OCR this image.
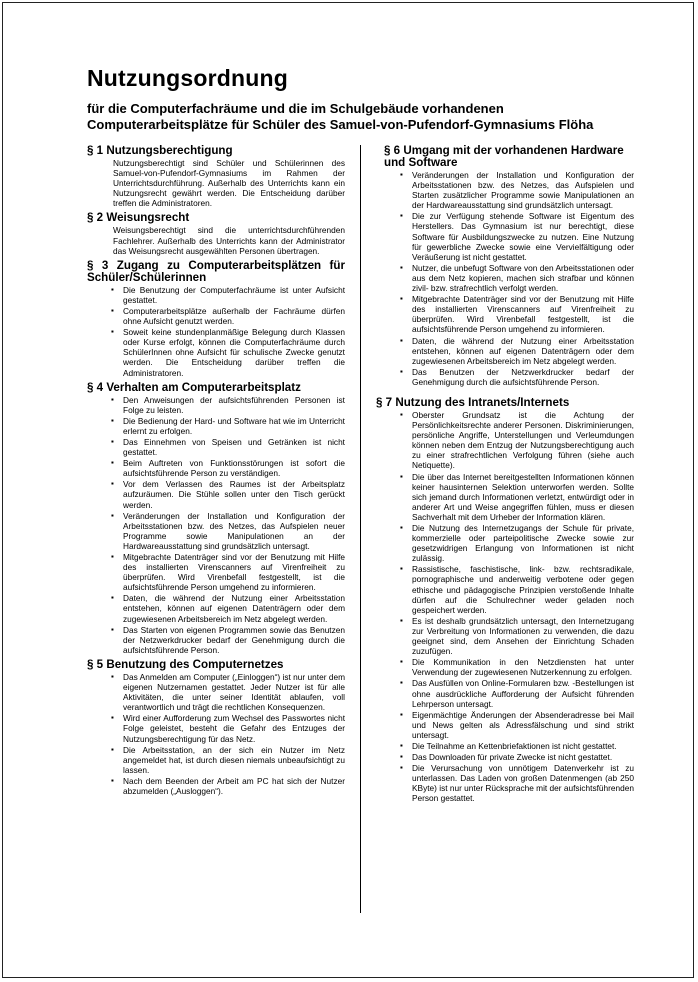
Nutzungsordnung
für die Computerfachräume und die im Schulgebäude vorhandenen Computerarbeitsplätze für Schüler des Samuel-von-Pufendorf-Gymnasiums Flöha
§ 1 Nutzungsberechtigung

Nutzungsberechtigt sind Schüler und Schülerinnen des Samuel-von-Pufendorf-Gymnasiums im Rahmen der Unterrichtsdurchführung. Außerhalb des Unterrichts kann ein Nutzungsrecht gewährt werden. Die Entscheidung darüber treffen die Administratoren.

§ 2 Weisungsrecht

Weisungsberechtigt sind die unterrichtsdurchführenden Fachlehrer. Außerhalb des Unterrichts kann der Administrator das Weisungsrecht ausgewählten Personen übertragen.

§ 3 Zugang zu Computerarbeitsplätzen für Schüler/Schülerinnen
▪ Die Benutzung der Computerfachräume ist unter Aufsicht gestattet.
▪ Computerarbeitsplätze außerhalb der Fachräume dürfen ohne Aufsicht genutzt werden.
▪ Soweit keine stundenplanmäßige Belegung durch Klassen oder Kurse erfolgt, können die Computerfachräume durch SchülerInnen ohne Aufsicht für schulische Zwecke genutzt werden. Die Entscheidung darüber treffen die Administratoren.
§ 4 Verhalten am Computerarbeitsplatz
▪ Den Anweisungen der aufsichtsführenden Personen ist Folge zu leisten.
▪ Die Bedienung der Hard- und Software hat wie im Unterricht erlernt zu erfolgen.
▪ Das Einnehmen von Speisen und Getränken ist nicht gestattet.
▪ Beim Auftreten von Funktionsstörungen ist sofort die aufsichtsführende Person zu verständigen.
▪ Vor dem Verlassen des Raumes ist der Arbeitsplatz aufzuräumen. Die Stühle sollen unter den Tisch gerückt werden.
▪ Veränderungen der Installation und Konfiguration der Arbeitsstationen bzw. des Netzes, das Aufspielen neuer Programme sowie Manipulationen an der Hardwareausstattung sind grundsätzlich untersagt.
▪ Mitgebrachte Datenträger sind vor der Benutzung mit Hilfe des installierten Virenscanners auf Virenfreiheit zu überprüfen. Wird Virenbefall festgestellt, ist die aufsichtsführende Person umgehend zu informieren.
▪ Daten, die während der Nutzung einer Arbeitsstation entstehen, können auf eigenen Datenträgern oder dem zugewiesenen Arbeitsbereich im Netz abgelegt werden.
▪ Das Starten von eigenen Programmen sowie das Benutzen der Netzwerkdrucker bedarf der Genehmigung durch die aufsichtsführende Person.
§ 5 Benutzung des Computernetzes
▪ Das Anmelden am Computer („Einloggen“) ist nur unter dem eigenen Nutzernamen gestattet. Jeder Nutzer ist für alle Aktivitäten, die unter seiner Identität ablaufen, voll verantwortlich und trägt die rechtlichen Konsequenzen.
▪ Wird einer Aufforderung zum Wechsel des Passwortes nicht Folge geleistet, besteht die Gefahr des Entzuges der Nutzungsberechtigung für das Netz.
▪ Die Arbeitsstation, an der sich ein Nutzer im Netz angemeldet hat, ist durch diesen niemals unbeaufsichtigt zu lassen.
▪ Nach dem Beenden der Arbeit am PC hat sich der Nutzer abzumelden („Ausloggen“).
§ 6 Umgang mit der vorhandenen Hardware und Software
▪ Veränderungen der Installation und Konfiguration der Arbeitsstationen bzw. des Netzes, das Aufspielen und Starten zusätzlicher Programme sowie Manipulationen an der Hardwareausstattung sind grundsätzlich untersagt.
▪ Die zur Verfügung stehende Software ist Eigentum des Herstellers. Das Gymnasium ist nur berechtigt, diese Software für Ausbildungszwecke zu nutzen. Eine Nutzung für gewerbliche Zwecke sowie eine Vervielfältigung oder Veräußerung ist nicht gestattet.
▪ Nutzer, die unbefugt Software von den Arbeitsstationen oder aus dem Netz kopieren, machen sich strafbar und können zivil- bzw. strafrechtlich verfolgt werden.
▪ Mitgebrachte Datenträger sind vor der Benutzung mit Hilfe des installierten Virenscanners auf Virenfreiheit zu überprüfen. Wird Virenbefall festgestellt, ist die aufsichtsführende Person umgehend zu informieren.
▪ Daten, die während der Nutzung einer Arbeitsstation entstehen, können auf eigenen Datenträgern oder dem zugewiesenen Arbeitsbereich im Netz abgelegt werden.
▪ Das Benutzen der Netzwerkdrucker bedarf der Genehmigung durch die aufsichtsführende Person.
§ 7 Nutzung des Intranets/Internets
▪ Oberster Grundsatz ist die Achtung der Persönlichkeitsrechte anderer Personen. Diskriminierungen, persönliche Angriffe, Unterstellungen und Verleumdungen können neben dem Entzug der Nutzungsberechtigung auch zu einer strafrechtlichen Verfolgung führen (siehe auch Netiquette).
▪ Die über das Internet bereitgestellten Informationen können keiner hausinternen Selektion unterworfen werden. Sollte sich jemand durch Informationen verletzt, entwürdigt oder in anderer Art und Weise angegriffen fühlen, muss er diesen Sachverhalt mit dem Urheber der Information klären.
▪ Die Nutzung des Internetzugangs der Schule für private, kommerzielle oder parteipolitische Zwecke sowie zur gesetzwidrigen Erlangung von Informationen ist nicht zulässig.
▪ Rassistische, faschistische, link- bzw. rechtsradikale, pornographische und anderweitig verbotene oder gegen ethische und pädagogische Prinzipien verstoßende Inhalte dürfen auf die Schulrechner weder geladen noch gespeichert werden.
▪ Es ist deshalb grundsätzlich untersagt, den Internetzugang zur Verbreitung von Informationen zu verwenden, die dazu geeignet sind, dem Ansehen der Einrichtung Schaden zuzufügen.
▪ Die Kommunikation in den Netzdiensten hat unter Verwendung der zugewiesenen Nutzerkennung zu erfolgen.
▪ Das Ausfüllen von Online-Formularen bzw. -Bestellungen ist ohne ausdrückliche Aufforderung der Aufsicht führenden Lehrperson untersagt.
▪ Eigenmächtige Änderungen der Absenderadresse bei Mail und News gelten als Adressfälschung und sind strikt untersagt.
▪ Die Teilnahme an Kettenbriefaktionen ist nicht gestattet.
▪ Das Downloaden für private Zwecke ist nicht gestattet.
▪ Die Verursachung von unnötigem Datenverkehr ist zu unterlassen. Das Laden von großen Datenmengen (ab 250 KByte) ist nur unter Rücksprache mit der aufsichtsführenden Person gestattet.
